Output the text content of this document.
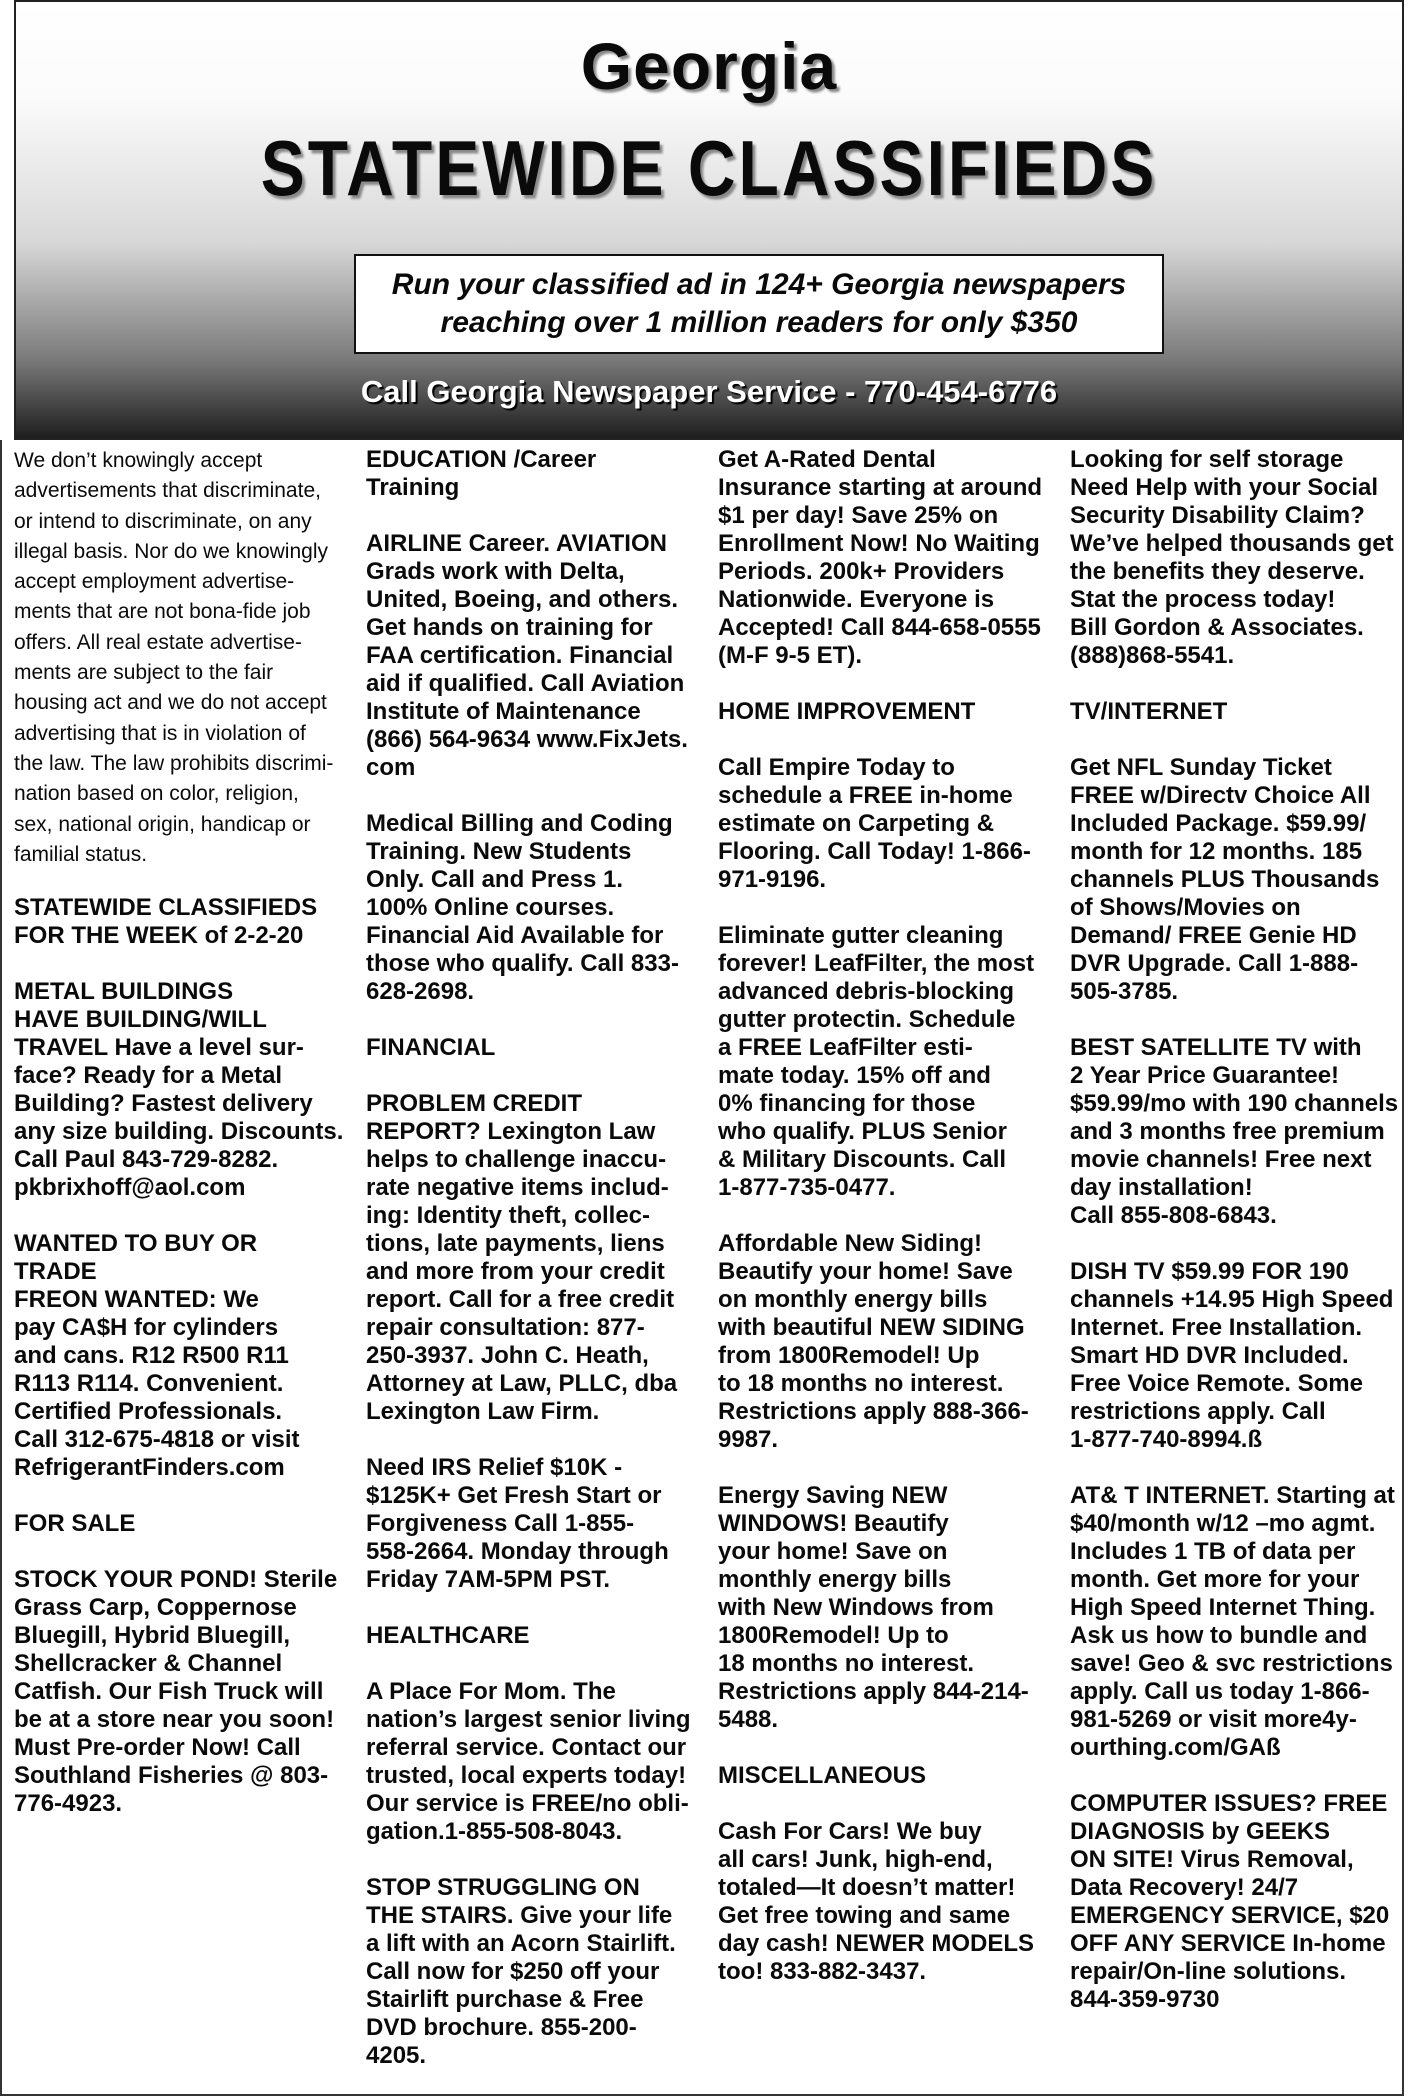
Georgia
STATEWIDE CLASSIFIEDS
Run your classified ad in 124+ Georgia newspapers
reaching over 1 million readers for only $350
Call Georgia Newspaper Service - 770-454-6776
We don’t knowingly accept
advertisements that discriminate,
or intend to discriminate, on any
illegal basis. Nor do we knowingly
accept employment advertise-
ments that are not bona-fide job
offers. All real estate advertise-
ments are subject to the fair
housing act and we do not accept
advertising that is in violation of
the law. The law prohibits discrimi-
nation based on color, religion,
sex, national origin, handicap or
familial status.
STATEWIDE CLASSIFIEDS
FOR THE WEEK of 2-2-20
METAL BUILDINGS
HAVE BUILDING/WILL
TRAVEL Have a level sur-
face? Ready for a Metal
Building? Fastest delivery
any size building. Discounts.
Call Paul 843-729-8282.
pkbrixhoff@aol.com
WANTED TO BUY OR
TRADE
FREON WANTED: We
pay CA$H for cylinders
and cans. R12 R500 R11
R113 R114. Convenient.
Certified Professionals.
Call 312-675-4818 or visit
RefrigerantFinders.com
FOR SALE
STOCK YOUR POND! Sterile
Grass Carp, Coppernose
Bluegill, Hybrid Bluegill,
Shellcracker & Channel
Catfish. Our Fish Truck will
be at a store near you soon!
Must Pre-order Now! Call
Southland Fisheries @ 803-
776-4923.
EDUCATION /Career Training
AIRLINE Career. AVIATION
Grads work with Delta,
United, Boeing, and others.
Get hands on training for
FAA certification. Financial
aid if qualified. Call Aviation
Institute of Maintenance
(866) 564-9634 www.FixJets.
com
Medical Billing and Coding
Training. New Students
Only. Call and Press 1.
100% Online courses.
Financial Aid Available for
those who qualify. Call 833-
628-2698.
FINANCIAL
PROBLEM CREDIT
REPORT? Lexington Law
helps to challenge inaccu-
rate negative items includ-
ing: Identity theft, collec-
tions, late payments, liens
and more from your credit
report. Call for a free credit
repair consultation: 877-
250-3937. John C. Heath,
Attorney at Law, PLLC, dba
Lexington Law Firm.
Need IRS Relief $10K -
$125K+ Get Fresh Start or
Forgiveness Call 1-855-
558-2664. Monday through
Friday 7AM-5PM PST.
HEALTHCARE
A Place For Mom. The
nation’s largest senior living
referral service. Contact our
trusted, local experts today!
Our service is FREE/no obli-
gation.1-855-508-8043.
STOP STRUGGLING ON
THE STAIRS. Give your life
a lift with an Acorn Stairlift.
Call now for $250 off your
Stairlift purchase & Free
DVD brochure. 855-200-
4205.
Get A-Rated Dental
Insurance starting at around
$1 per day! Save 25% on
Enrollment Now! No Waiting
Periods. 200k+ Providers
Nationwide. Everyone is
Accepted! Call 844-658-0555
(M-F 9-5 ET).
HOME IMPROVEMENT
Call Empire Today to
schedule a FREE in-home
estimate on Carpeting &
Flooring. Call Today! 1-866-
971-9196.
Eliminate gutter cleaning
forever! LeafFilter, the most
advanced debris-blocking
gutter protectin. Schedule
a FREE LeafFilter esti-
mate today. 15% off and
0% financing for those
who qualify. PLUS Senior
& Military Discounts. Call
1-877-735-0477.
Affordable New Siding!
Beautify your home! Save
on monthly energy bills
with beautiful NEW SIDING
from 1800Remodel! Up
to 18 months no interest.
Restrictions apply 888-366-
9987.
Energy Saving NEW
WINDOWS! Beautify
your home! Save on
monthly energy bills
with New Windows from
1800Remodel! Up to
18 months no interest.
Restrictions apply 844-214-
5488.
MISCELLANEOUS
Cash For Cars! We buy
all cars! Junk, high-end,
totaled—It doesn’t matter!
Get free towing and same
day cash! NEWER MODELS
too! 833-882-3437.
Looking for self storage
Need Help with your Social
Security Disability Claim?
We’ve helped thousands get
the benefits they deserve.
Stat the process today!
Bill Gordon & Associates.
(888)868-5541.
TV/INTERNET
Get NFL Sunday Ticket
FREE w/Directv Choice All
Included Package. $59.99/
month for 12 months. 185
channels PLUS Thousands
of Shows/Movies on
Demand/ FREE Genie HD
DVR Upgrade. Call 1-888-
505-3785.
BEST SATELLITE TV with
2 Year Price Guarantee!
$59.99/mo with 190 channels
and 3 months free premium
movie channels! Free next
day installation!
Call 855-808-6843.
DISH TV $59.99 FOR 190
channels +14.95 High Speed
Internet. Free Installation.
Smart HD DVR Included.
Free Voice Remote. Some
restrictions apply. Call
1-877-740-8994.ß
AT& T INTERNET. Starting at
$40/month w/12 –mo agmt.
Includes 1 TB of data per
month. Get more for your
High Speed Internet Thing.
Ask us how to bundle and
save! Geo & svc restrictions
apply. Call us today 1-866-
981-5269 or visit more4y-
ourthing.com/GAß
COMPUTER ISSUES? FREE
DIAGNOSIS by GEEKS
ON SITE! Virus Removal,
Data Recovery! 24/7
EMERGENCY SERVICE, $20
OFF ANY SERVICE In-home
repair/On-line solutions.
844-359-9730
